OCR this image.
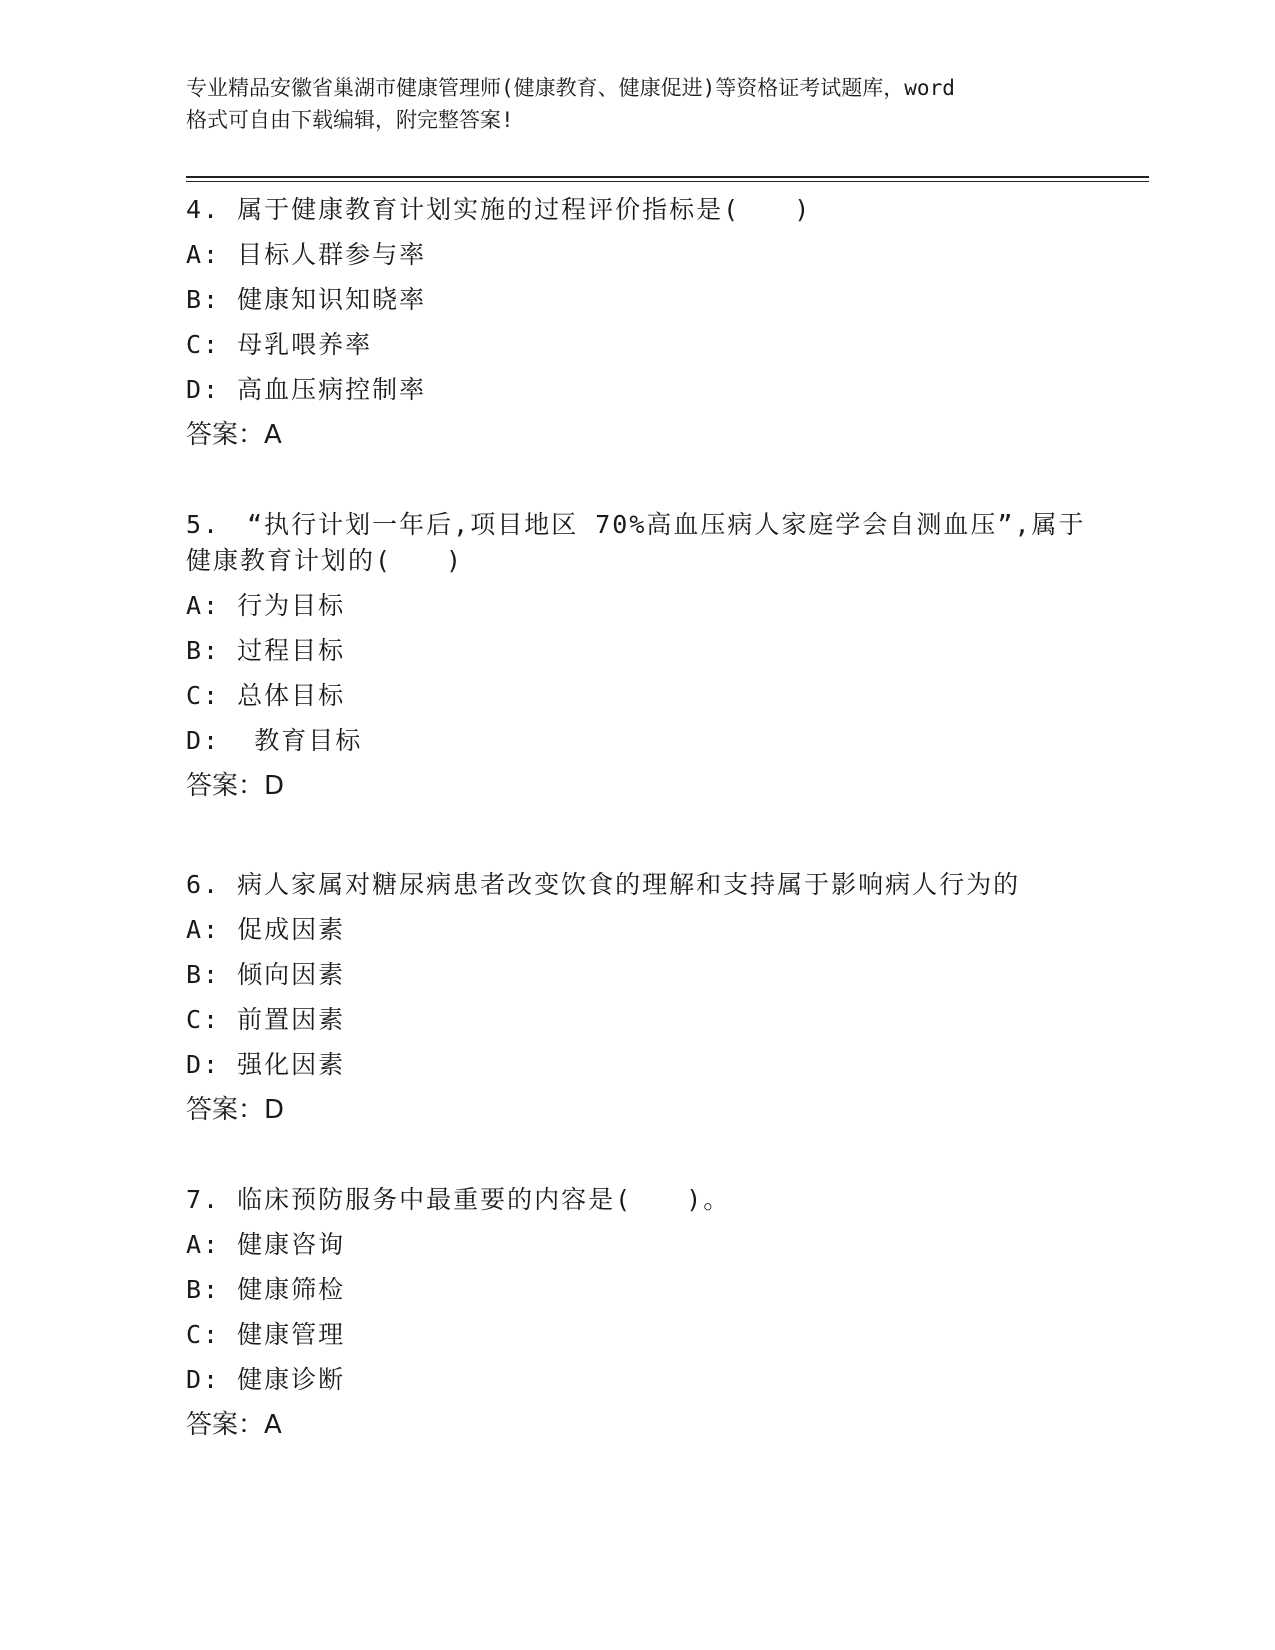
专业精品安徽省巢湖市健康管理师(健康教育、健康促进)等资格证考试题库，word
格式可自由下载编辑，附完整答案!
4. 属于健康教育计划实施的过程评价指标是(　　)
A: 目标人群参与率
B: 健康知识知晓率
C: 母乳喂养率
D: 高血压病控制率
答案：A
5.　“执行计划一年后,项目地区 70%高血压病人家庭学会自测血压”,属于健康教育计划的(　　)
A: 行为目标
B: 过程目标
C: 总体目标
D:  教育目标
答案：D
6. 病人家属对糖尿病患者改变饮食的理解和支持属于影响病人行为的
A: 促成因素
B: 倾向因素
C: 前置因素
D: 强化因素
答案：D
7. 临床预防服务中最重要的内容是(　　)。
A: 健康咨询
B: 健康筛检
C: 健康管理
D: 健康诊断
答案：A
